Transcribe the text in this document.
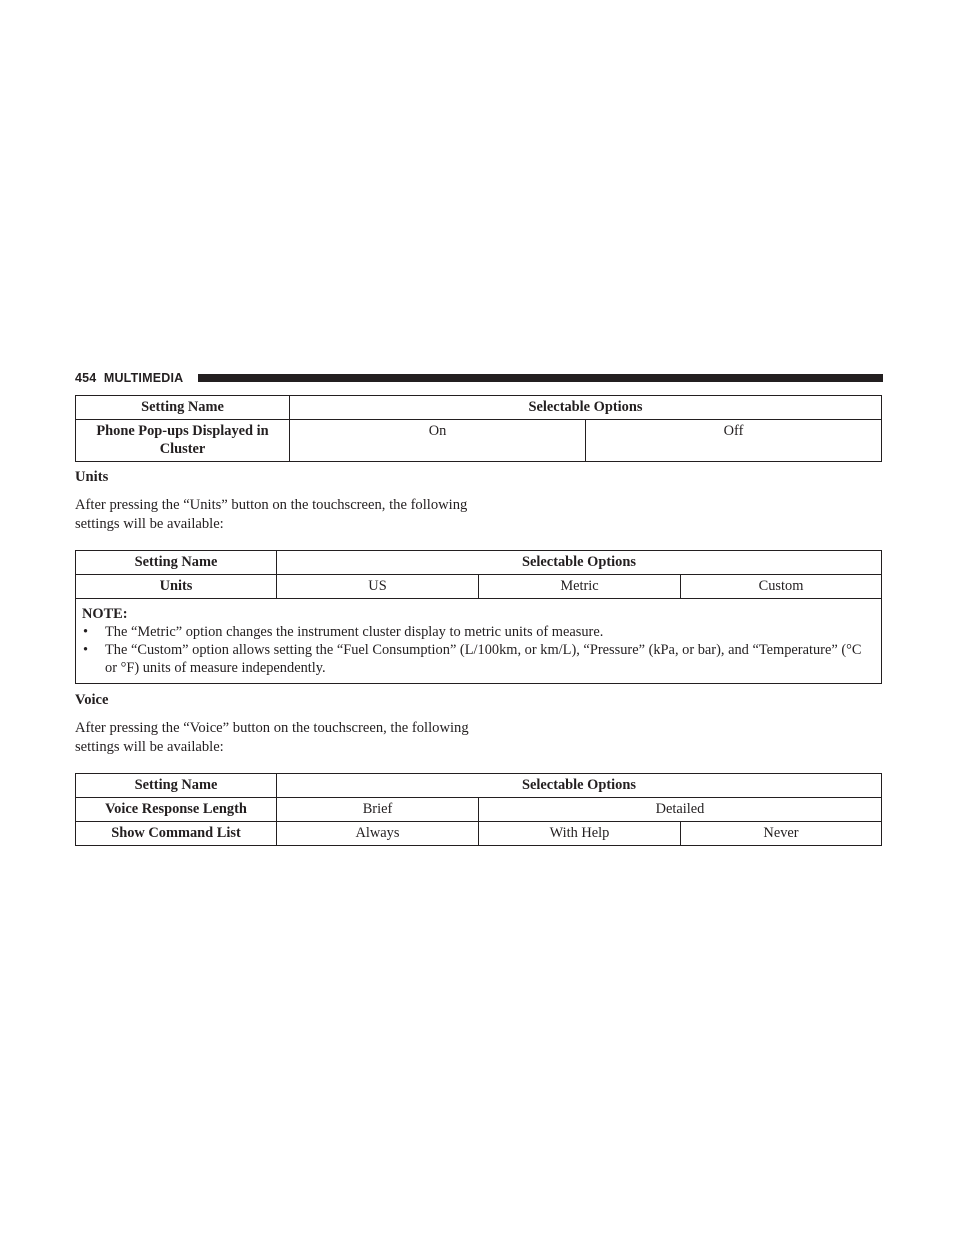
454 MULTIMEDIA
Setting Name	Selectable Options	
Phone Pop-ups Displayed in Cluster	On	Off
Units
After pressing the “Units” button on the touchscreen, the following settings will be available:
Setting Name	Selectable Options		
Units	US	Metric	Custom

NOTE:
• The “Metric” option changes the instrument cluster display to metric units of measure.
• The “Custom” option allows setting the “Fuel Consumption” (L/100km, or km/L), “Pressure” (kPa, or bar), and “Temperature” (°C or °F) units of measure independently.			
Voice
After pressing the “Voice” button on the touchscreen, the following settings will be available:
Setting Name	Selectable Options		
Voice Response Length	Brief	Detailed	
Show Command List	Always	With Help	Never
